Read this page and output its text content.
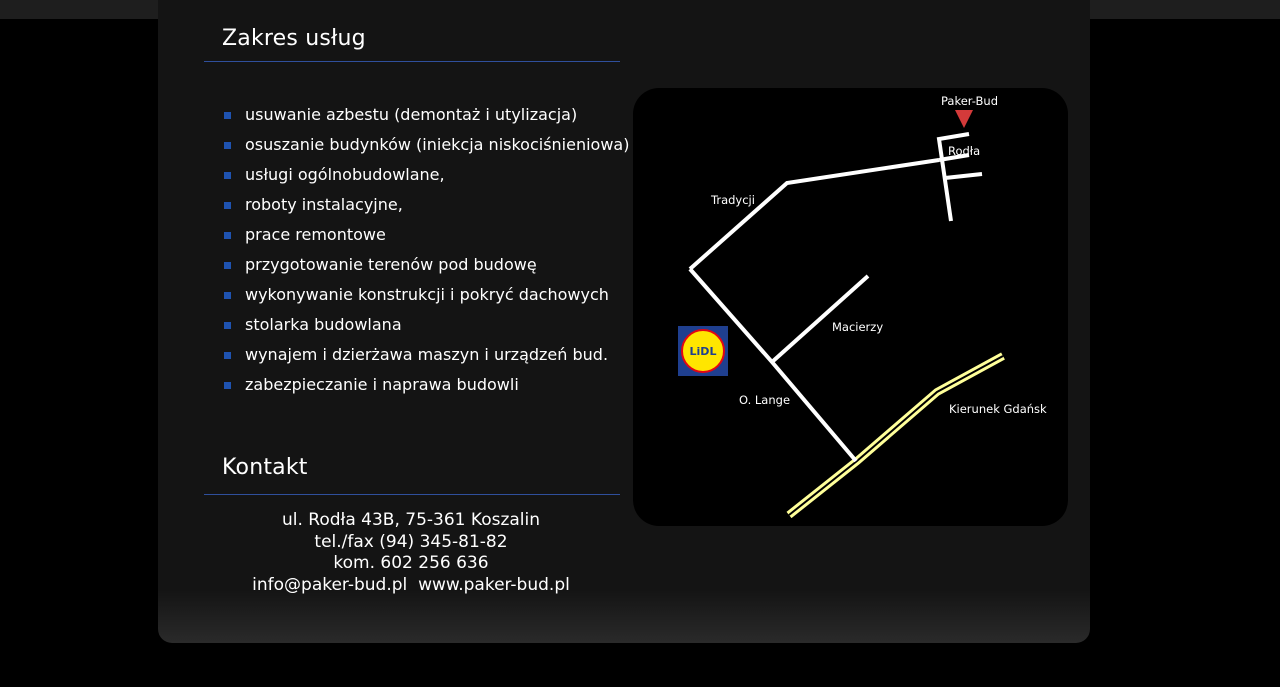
Zakres usług
usuwanie azbestu (demontaż i utylizacja)
osuszanie budynków (iniekcja niskociśnieniowa)
usługi ogólnobudowlane,
roboty instalacyjne,
prace remontowe
przygotowanie terenów pod budowę
wykonywanie konstrukcji i pokryć dachowych
stolarka budowlana
wynajem i dzierżawa maszyn i urządzeń bud.
zabezpieczanie i naprawa budowli
Kontakt
ul. Rodła 43B, 75-361 Koszalin
tel./fax (94) 345-81-82
kom. 602 256 636
info@paker-bud.pl www.paker-bud.pl
LiDL
Paker-Bud
Rodła
Tradycji
Macierzy
O. Lange
Kierunek Gdańsk
